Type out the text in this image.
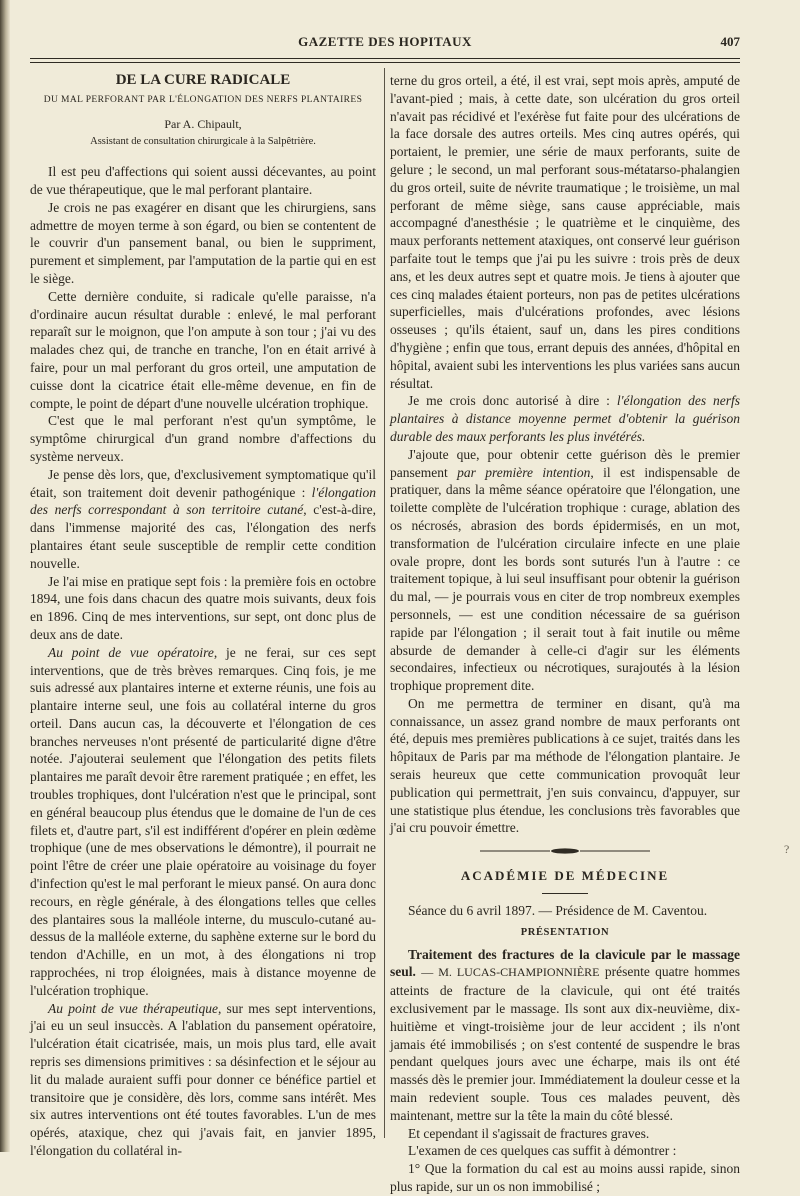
GAZETTE DES HOPITAUX	407
DE LA CURE RADICALE
DU MAL PERFORANT PAR L'ÉLONGATION DES NERFS PLANTAIRES
Par A. Chipault,
Assistant de consultation chirurgicale à la Salpêtrière.

Il est peu d'affections qui soient aussi décevantes, au point de vue thérapeutique, que le mal perforant plantaire.

Je crois ne pas exagérer en disant que les chirurgiens, sans admettre de moyen terme à son égard, ou bien se contentent de le couvrir d'un pansement banal, ou bien le suppriment, purement et simplement, par l'amputation de la partie qui en est le siège.

Cette dernière conduite, si radicale qu'elle paraisse, n'a d'ordinaire aucun résultat durable : enlevé, le mal perforant reparaît sur le moignon, que l'on ampute à son tour ; j'ai vu des malades chez qui, de tranche en tranche, l'on en était arrivé à faire, pour un mal perforant du gros orteil, une amputation de cuisse dont la cicatrice était elle-même devenue, en fin de compte, le point de départ d'une nouvelle ulcération trophique.

C'est que le mal perforant n'est qu'un symptôme, le symptôme chirurgical d'un grand nombre d'affections du système nerveux.

Je pense dès lors, que, d'exclusivement symptomatique qu'il était, son traitement doit devenir pathogénique : l'élongation des nerfs correspondant à son territoire cutané, c'est-à-dire, dans l'immense majorité des cas, l'élongation des nerfs plantaires étant seule susceptible de remplir cette condition nouvelle.

Je l'ai mise en pratique sept fois : la première fois en octobre 1894, une fois dans chacun des quatre mois suivants, deux fois en 1896. Cinq de mes interventions, sur sept, ont donc plus de deux ans de date.

Au point de vue opératoire, je ne ferai, sur ces sept interventions, que de très brèves remarques. Cinq fois, je me suis adressé aux plantaires interne et externe réunis, une fois au plantaire interne seul, une fois au collatéral interne du gros orteil. Dans aucun cas, la découverte et l'élongation de ces branches nerveuses n'ont présenté de particularité digne d'être notée. J'ajouterai seulement que l'élongation des petits filets plantaires me paraît devoir être rarement pratiquée ; en effet, les troubles trophiques, dont l'ulcération n'est que le principal, sont en général beaucoup plus étendus que le domaine de l'un de ces filets et, d'autre part, s'il est indifférent d'opérer en plein œdème trophique (une de mes observations le démontre), il pourrait ne point l'être de créer une plaie opératoire au voisinage du foyer d'infection qu'est le mal perforant le mieux pansé. On aura donc recours, en règle générale, à des élongations telles que celles des plantaires sous la malléole interne, du musculo-cutané au-dessus de la malléole externe, du saphène externe sur le bord du tendon d'Achille, en un mot, à des élongations ni trop rapprochées, ni trop éloignées, mais à distance moyenne de l'ulcération trophique.

Au point de vue thérapeutique, sur mes sept interventions, j'ai eu un seul insuccès. A l'ablation du pansement opératoire, l'ulcération était cicatrisée, mais, un mois plus tard, elle avait repris ses dimensions primitives : sa désinfection et le séjour au lit du malade auraient suffi pour donner ce bénéfice partiel et transitoire que je considère, dès lors, comme sans intérêt. Mes six autres interventions ont été toutes favorables. L'un de mes opérés, ataxique, chez qui j'avais fait, en janvier 1895, l'élongation du collatéral in-

terne du gros orteil, a été, il est vrai, sept mois après, amputé de l'avant-pied ; mais, à cette date, son ulcération du gros orteil n'avait pas récidivé et l'exérèse fut faite pour des ulcérations de la face dorsale des autres orteils. Mes cinq autres opérés, qui portaient, le premier, une série de maux perforants, suite de gelure ; le second, un mal perforant sous-métatarso-phalangien du gros orteil, suite de névrite traumatique ; le troisième, un mal perforant de même siège, sans cause appréciable, mais accompagné d'anesthésie ; le quatrième et le cinquième, des maux perforants nettement ataxiques, ont conservé leur guérison parfaite tout le temps que j'ai pu les suivre : trois près de deux ans, et les deux autres sept et quatre mois. Je tiens à ajouter que ces cinq malades étaient porteurs, non pas de petites ulcérations superficielles, mais d'ulcérations profondes, avec lésions osseuses ; qu'ils étaient, sauf un, dans les pires conditions d'hygiène ; enfin que tous, errant depuis des années, d'hôpital en hôpital, avaient subi les interventions les plus variées sans aucun résultat.

Je me crois donc autorisé à dire : l'élongation des nerfs plantaires à distance moyenne permet d'obtenir la guérison durable des maux perforants les plus invétérés.

J'ajoute que, pour obtenir cette guérison dès le premier pansement par première intention, il est indispensable de pratiquer, dans la même séance opératoire que l'élongation, une toilette complète de l'ulcération trophique : curage, ablation des os nécrosés, abrasion des bords épidermisés, en un mot, transformation de l'ulcération circulaire infecte en une plaie ovale propre, dont les bords sont suturés l'un à l'autre : ce traitement topique, à lui seul insuffisant pour obtenir la guérison du mal, — je pourrais vous en citer de trop nombreux exemples personnels, — est une condition nécessaire de sa guérison rapide par l'élongation ; il serait tout à fait inutile ou même absurde de demander à celle-ci d'agir sur les éléments secondaires, infectieux ou nécrotiques, surajoutés à la lésion trophique proprement dite.

On me permettra de terminer en disant, qu'à ma connaissance, un assez grand nombre de maux perforants ont été, depuis mes premières publications à ce sujet, traités dans les hôpitaux de Paris par ma méthode de l'élongation plantaire. Je serais heureux que cette communication provoquât leur publication qui permettrait, j'en suis convaincu, d'appuyer, sur une statistique plus étendue, les conclusions très favorables que j'ai cru pouvoir émettre.

ACADÉMIE DE MÉDECINE

Séance du 6 avril 1897. — Présidence de M. Caventou.

PRÉSENTATION

Traitement des fractures de la clavicule par le massage seul. — M. LUCAS-CHAMPIONNIÈRE présente quatre hommes atteints de fracture de la clavicule, qui ont été traités exclusivement par le massage. Ils sont aux dix-neuvième, dix-huitième et vingt-troisième jour de leur accident ; ils n'ont jamais été immobilisés ; on s'est contenté de suspendre le bras pendant quelques jours avec une écharpe, mais ils ont été massés dès le premier jour. Immédiatement la douleur cesse et la main redevient souple. Tous ces malades peuvent, dès maintenant, mettre sur la tête la main du côté blessé.

Et cependant il s'agissait de fractures graves.

L'examen de ces quelques cas suffit à démontrer :

1° Que la formation du cal est au moins aussi rapide, sinon plus rapide, sur un os non immobilisé ;

?
